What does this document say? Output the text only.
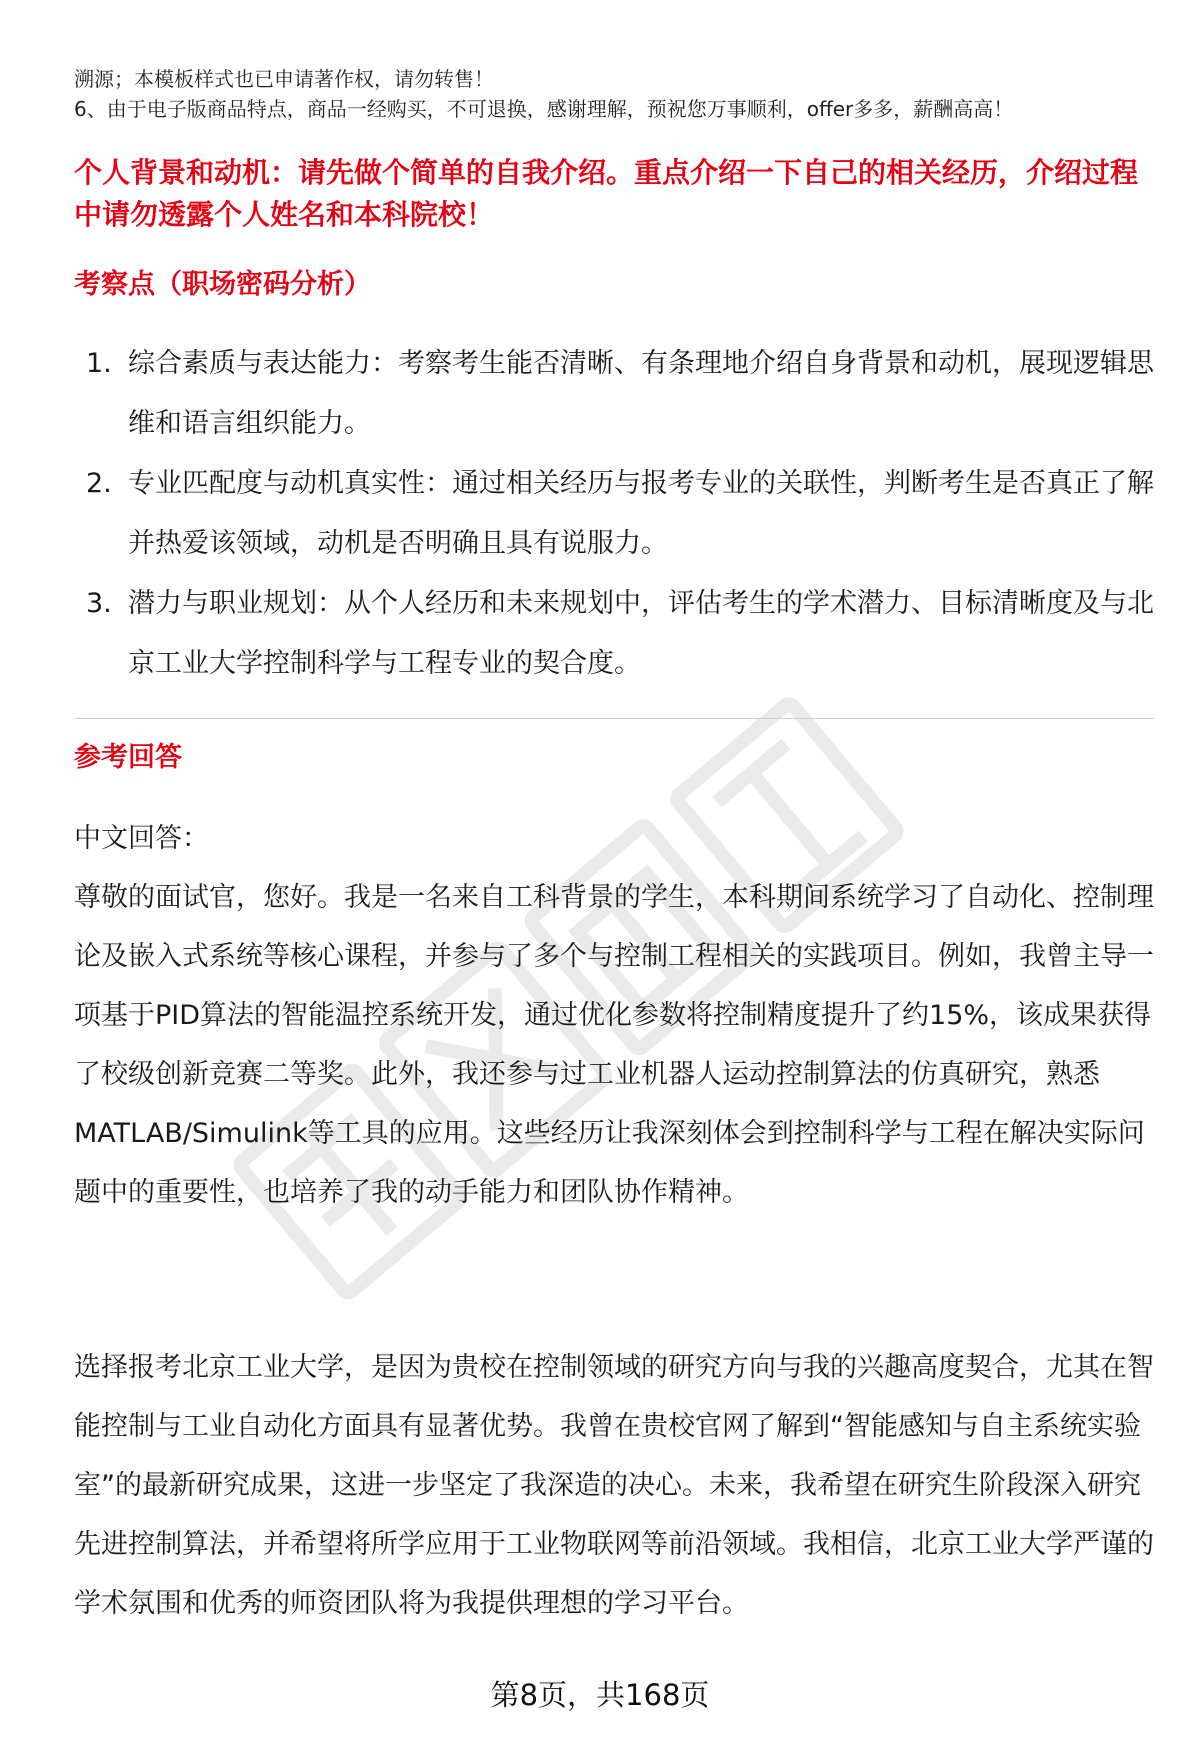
溯源；本模板样式也已申请著作权，请勿转售！

6、由于电子版商品特点，商品一经购买，不可退换，感谢理解，预祝您万事顺利，offer多多，薪酬高高！

个人背景和动机：请先做个简单的自我介绍。重点介绍一下自己的相关经历，介绍过程中请勿透露个人姓名和本科院校！
考察点（职场密码分析）
1. 综合素质与表达能力：考察考生能否清晰、有条理地介绍自身背景和动机，展现逻辑思维和语言组织能力。
2. 专业匹配度与动机真实性：通过相关经历与报考专业的关联性，判断考生是否真正了解并热爱该领域，动机是否明确且具有说服力。
3. 潜力与职业规划：从个人经历和未来规划中，评估考生的学术潜力、目标清晰度及与北京工业大学控制科学与工程专业的契合度。
参考回答

中文回答：

尊敬的面试官，您好。我是一名来自工科背景的学生，本科期间系统学习了自动化、控制理论及嵌入式系统等核心课程，并参与了多个与控制工程相关的实践项目。例如，我曾主导一项基于PID算法的智能温控系统开发，通过优化参数将控制精度提升了约15%，该成果获得了校级创新竞赛二等奖。此外，我还参与过工业机器人运动控制算法的仿真研究，熟悉MATLAB/Simulink等工具的应用。这些经历让我深刻体会到控制科学与工程在解决实际问题中的重要性，也培养了我的动手能力和团队协作精神。

选择报考北京工业大学，是因为贵校在控制领域的研究方向与我的兴趣高度契合，尤其在智能控制与工业自动化方面具有显著优势。我曾在贵校官网了解到“智能感知与自主系统实验室”的最新研究成果，这进一步坚定了我深造的决心。未来，我希望在研究生阶段深入研究先进控制算法，并希望将所学应用于工业物联网等前沿领域。我相信，北京工业大学严谨的学术氛围和优秀的师资团队将为我提供理想的学习平台。

第8页，共168页
